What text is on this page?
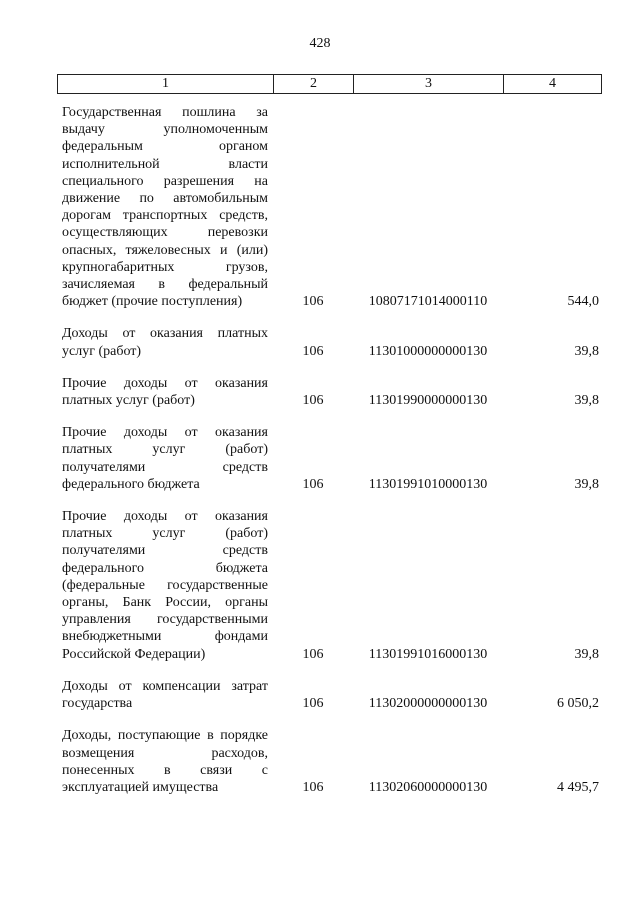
428
1	2	3	4
Государственная пошлина за выдачу уполномоченным федеральным органом исполнительной власти специального разрешения на движение по автомобильным дорогам транспортных средств, осуществляющих перевозки опасных, тяжеловесных и (или) крупногабаритных грузов, зачисляемая в федеральный бюджет (прочие поступления)	106	10807171014000110	544,0
Доходы от оказания платных услуг (работ)	106	11301000000000130	39,8
Прочие доходы от оказания платных услуг (работ)	106	11301990000000130	39,8
Прочие доходы от оказания платных услуг (работ) получателями средств федерального бюджета	106	11301991010000130	39,8
Прочие доходы от оказания платных услуг (работ) получателями средств федерального бюджета (федеральные государственные органы, Банк России, органы управления государственными внебюджетными фондами Российской Федерации)	106	11301991016000130	39,8
Доходы от компенсации затрат государства	106	11302000000000130	6 050,2
Доходы, поступающие в порядке возмещения расходов, понесенных в связи с эксплуатацией имущества	106	11302060000000130	4 495,7
